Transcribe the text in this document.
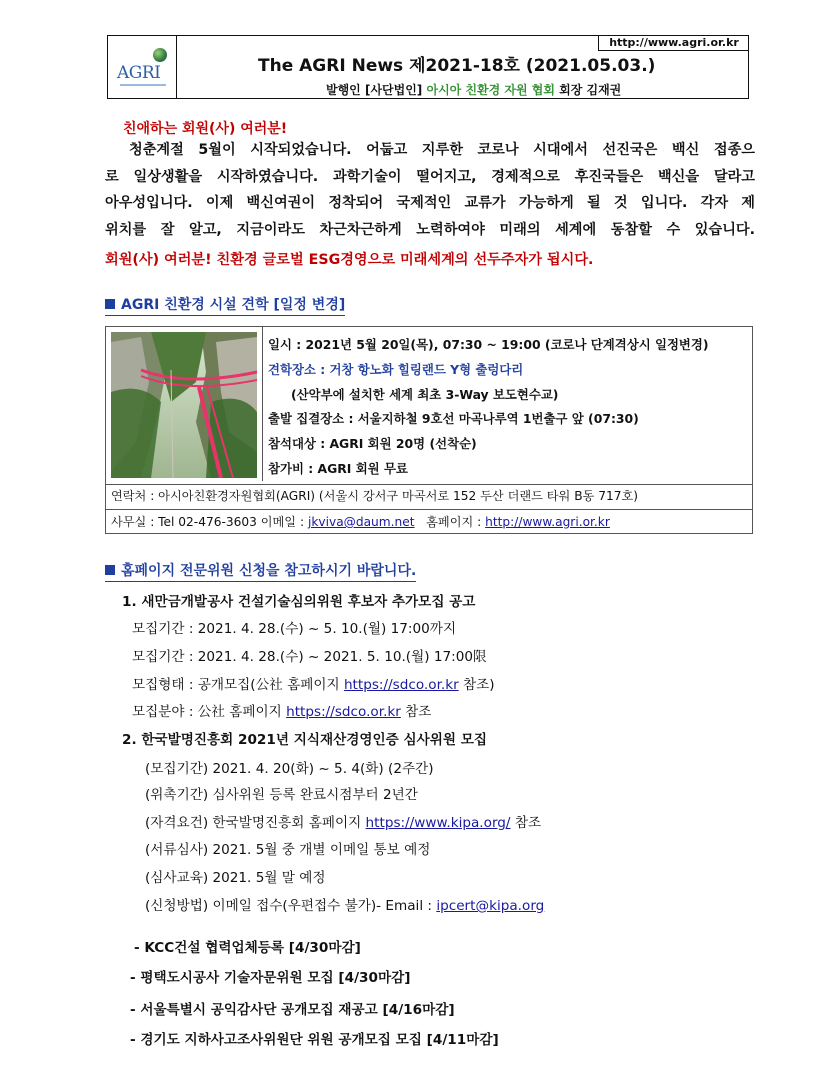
AGRI
http://www.agri.or.kr
The AGRI News 제2021-18호 (2021.05.03.)
발행인 [사단법인] 아시아 친환경 자원 협회 회장 김재권
친애하는 회원(사) 여러분!
청춘계절 5월이 시작되었습니다. 어둡고 지루한 코로나 시대에서 선진국은 백신 접종으
로 일상생활을 시작하였습니다. 과학기술이 떨어지고, 경제적으로 후진국들은 백신을 달라고
아우성입니다. 이제 백신여권이 정착되어 국제적인 교류가 가능하게 될 것 입니다. 각자 제
위치를 잘 알고, 지금이라도 차근차근하게 노력하여야 미래의 세계에 동참할 수 있습니다.
회원(사) 여러분! 친환경 글로벌 ESG경영으로 미래세계의 선두주자가 됩시다.
AGRI 친환경 시설 견학 [일정 변경]
일시 : 2021년 5월 20일(목), 07:30 ~ 19:00 (코로나 단계격상시 일정변경)
견학장소 : 거창 항노화 힐링랜드 Y형 출렁다리
(산악부에 설치한 세계 최초 3-Way 보도현수교)
출발 집결장소 : 서울지하철 9호선 마곡나루역 1번출구 앞 (07:30)
참석대상 : AGRI 회원 20명 (선착순)
참가비 : AGRI 회원 무료
연락처 : 아시아친환경자원협회(AGRI) (서울시 강서구 마곡서로 152 두산 더랜드 타워 B동 717호)
사무실 : Tel 02-476-3603 이메일 : jkviva@daum.net 홈페이지 : http://www.agri.or.kr
홈페이지 전문위원 신청을 참고하시기 바랍니다.
1. 새만금개발공사 건설기술심의위원 후보자 추가모집 공고
모집기간 : 2021. 4. 28.(수) ~ 5. 10.(월) 17:00까지
모집기간 : 2021. 4. 28.(수) ~ 2021. 5. 10.(월) 17:00限
모집형태 : 공개모집(公社 홈페이지 https://sdco.or.kr 참조)
모집분야 : 公社 홈페이지 https://sdco.or.kr 참조
2. 한국발명진흥회 2021년 지식재산경영인증 심사위원 모집
(모집기간) 2021. 4. 20(화) ~ 5. 4(화) (2주간)
(위촉기간) 심사위원 등록 완료시점부터 2년간
(자격요건) 한국발명진흥회 홈페이지 https://www.kipa.org/ 참조
(서류심사) 2021. 5월 중 개별 이메일 통보 예정
(심사교육) 2021. 5월 말 예정
(신청방법) 이메일 접수(우편접수 불가)- Email : ipcert@kipa.org
- KCC건설 협력업체등록 [4/30마감]
- 평택도시공사 기술자문위원 모집 [4/30마감]
- 서울특별시 공익감사단 공개모집 재공고 [4/16마감]
- 경기도 지하사고조사위원단 위원 공개모집 모집 [4/11마감]
